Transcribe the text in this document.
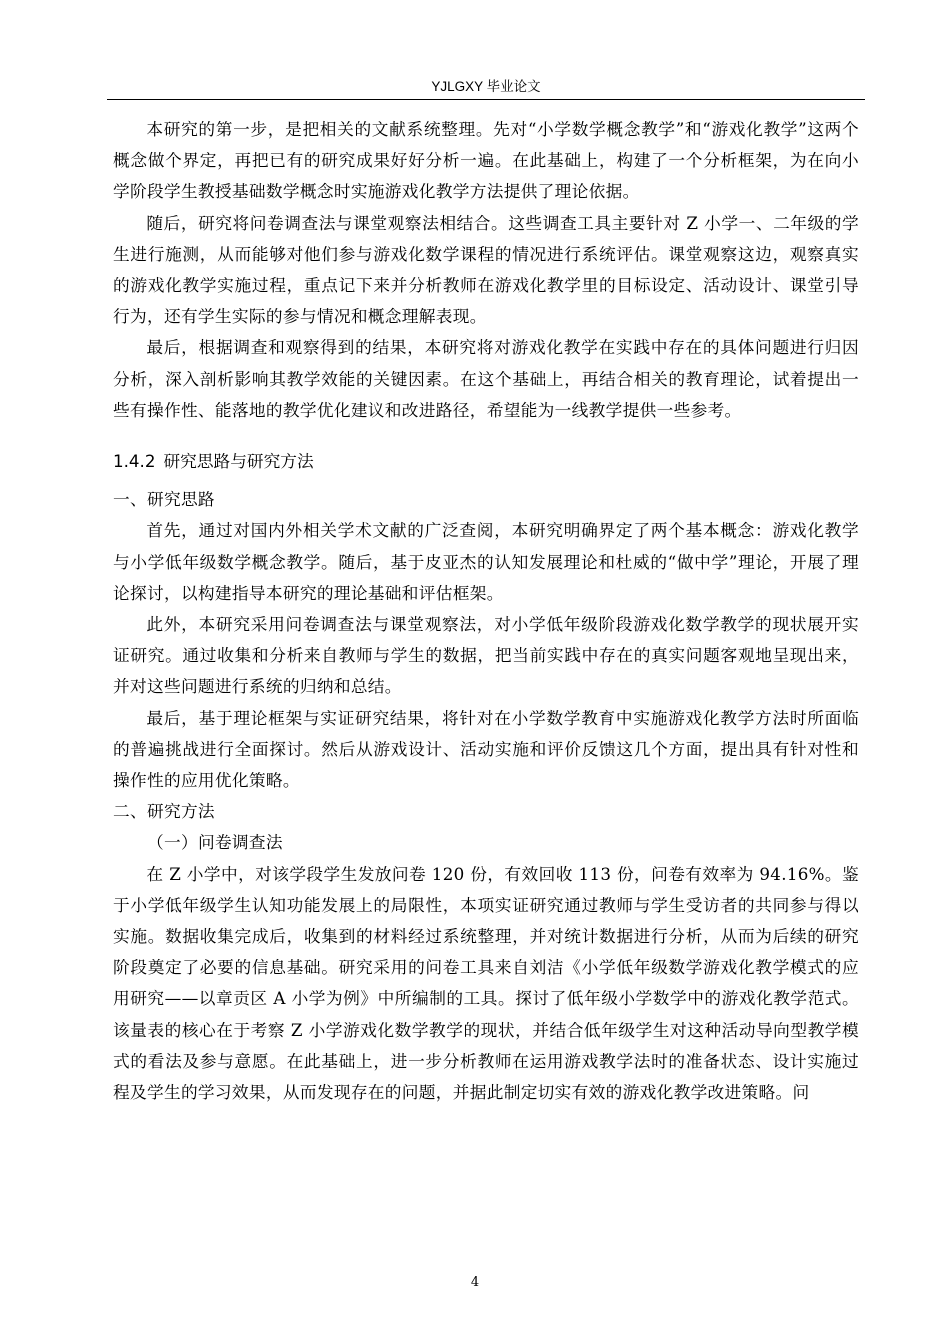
YJLGXY 毕业论文

本研究的第一步，是把相关的文献系统整理。先对“小学数学概念教学”和“游戏化教学”这两个概念做个界定，再把已有的研究成果好好分析一遍。在此基础上，构建了一个分析框架，为在向小学阶段学生教授基础数学概念时实施游戏化教学方法提供了理论依据。

随后，研究将问卷调查法与课堂观察法相结合。这些调查工具主要针对 Z 小学一、二年级的学生进行施测，从而能够对他们参与游戏化数学课程的情况进行系统评估。课堂观察这边，观察真实的游戏化教学实施过程，重点记下来并分析教师在游戏化教学里的目标设定、活动设计、课堂引导行为，还有学生实际的参与情况和概念理解表现。

最后，根据调查和观察得到的结果，本研究将对游戏化教学在实践中存在的具体问题进行归因分析，深入剖析影响其教学效能的关键因素。在这个基础上，再结合相关的教育理论，试着提出一些有操作性、能落地的教学优化建议和改进路径，希望能为一线教学提供一些参考。

1.4.2 研究思路与研究方法

一、研究思路

首先，通过对国内外相关学术文献的广泛查阅，本研究明确界定了两个基本概念：游戏化教学与小学低年级数学概念教学。随后，基于皮亚杰的认知发展理论和杜威的“做中学”理论，开展了理论探讨，以构建指导本研究的理论基础和评估框架。

此外，本研究采用问卷调查法与课堂观察法，对小学低年级阶段游戏化数学教学的现状展开实证研究。通过收集和分析来自教师与学生的数据，把当前实践中存在的真实问题客观地呈现出来，并对这些问题进行系统的归纳和总结。

最后，基于理论框架与实证研究结果，将针对在小学数学教育中实施游戏化教学方法时所面临的普遍挑战进行全面探讨。然后从游戏设计、活动实施和评价反馈这几个方面，提出具有针对性和操作性的应用优化策略。

二、研究方法

（一）问卷调查法

在 Z 小学中，对该学段学生发放问卷 120 份，有效回收 113 份，问卷有效率为 94.16%。鉴于小学低年级学生认知功能发展上的局限性，本项实证研究通过教师与学生受访者的共同参与得以实施。数据收集完成后，收集到的材料经过系统整理，并对统计数据进行分析，从而为后续的研究阶段奠定了必要的信息基础。研究采用的问卷工具来自刘洁《小学低年级数学游戏化教学模式的应用研究——以章贡区 A 小学为例》中所编制的工具。探讨了低年级小学数学中的游戏化教学范式。该量表的核心在于考察 Z 小学游戏化数学教学的现状，并结合低年级学生对这种活动导向型教学模式的看法及参与意愿。在此基础上，进一步分析教师在运用游戏教学法时的准备状态、设计实施过程及学生的学习效果，从而发现存在的问题，并据此制定切实有效的游戏化教学改进策略。问

4
